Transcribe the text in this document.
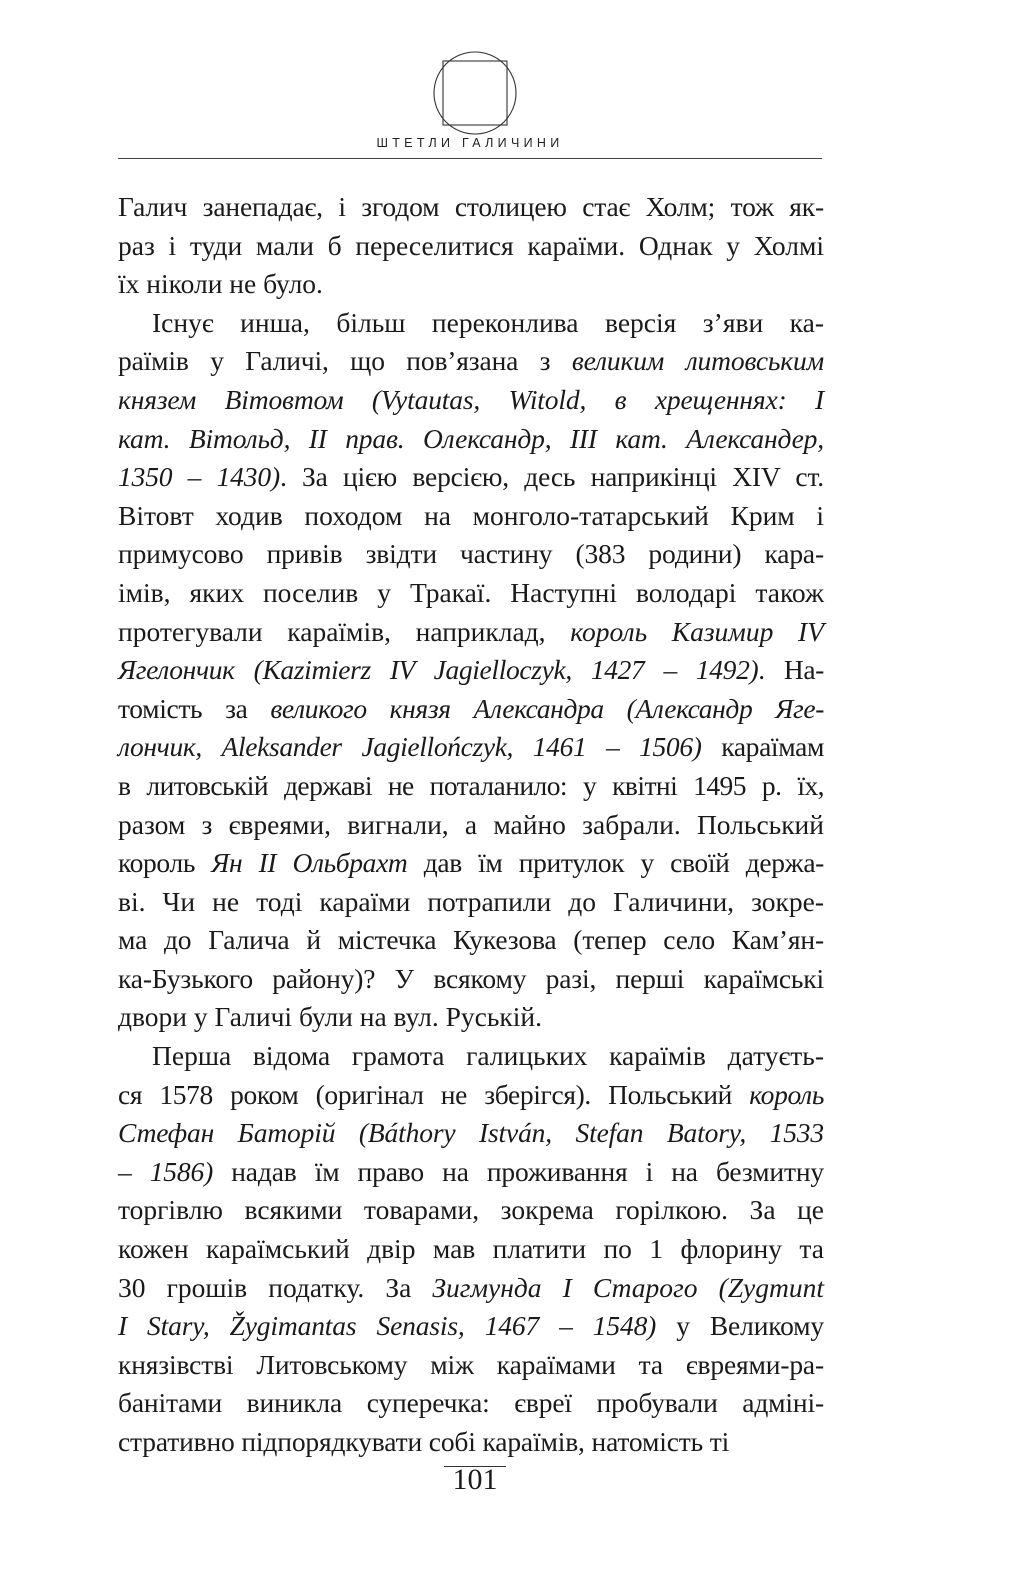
ШТЕТЛИ ГАЛИЧИНИ
Галич занепадає, і згодом столицею стає Холм; тож як-
раз і туди мали б переселитися караїми. Однак у Холмі
їх ніколи не було.
Існує инша, більш переконлива версія з’яви ка-
раїмів у Галичі, що пов’язана з великим литовським
князем Вітовтом (Vytautas, Witold, в хрещеннях: I
кат. Вітольд, II прав. Олександр, III кат. Александер,
1350 – 1430). За цією версією, десь наприкінці XIV ст.
Вітовт ходив походом на монголо-татарський Крим і
примусово привів звідти частину (383 родини) кара-
імів, яких поселив у Тракаї. Наступні володарі також
протегували караїмів, наприклад, король Казимир IV
Ягелончик (Kazimierz IV Jagielloczyk, 1427 – 1492). На-
томість за великого князя Александра (Александр Яге-
лончик, Aleksander Jagiellończyk, 1461 – 1506) караїмам
в литовській державі не поталанило: у квітні 1495 р. їх,
разом з євреями, вигнали, а майно забрали. Польський
король Ян II Ольбрахт дав їм притулок у своїй держа-
ві. Чи не тоді караїми потрапили до Галичини, зокре-
ма до Галича й містечка Кукезова (тепер село Кам’ян-
ка-Бузького району)? У всякому разі, перші караїмські
двори у Галичі були на вул. Руській.
Перша відома грамота галицьких караїмів датуєть-
ся 1578 роком (оригінал не зберігся). Польський король
Стефан Баторій (Báthory István, Stefan Batory, 1533
– 1586) надав їм право на проживання і на безмитну
торгівлю всякими товарами, зокрема горілкою. За це
кожен караїмський двір мав платити по 1 флорину та
30 грошів податку. За Зигмунда I Старого (Zygmunt
I Stary, Žygimantas Senasis, 1467 – 1548) у Великому
князівстві Литовському між караїмами та євреями-ра-
банітами виникла суперечка: євреї пробували адміні-
стративно підпорядкувати собі караїмів, натомість ті
101
